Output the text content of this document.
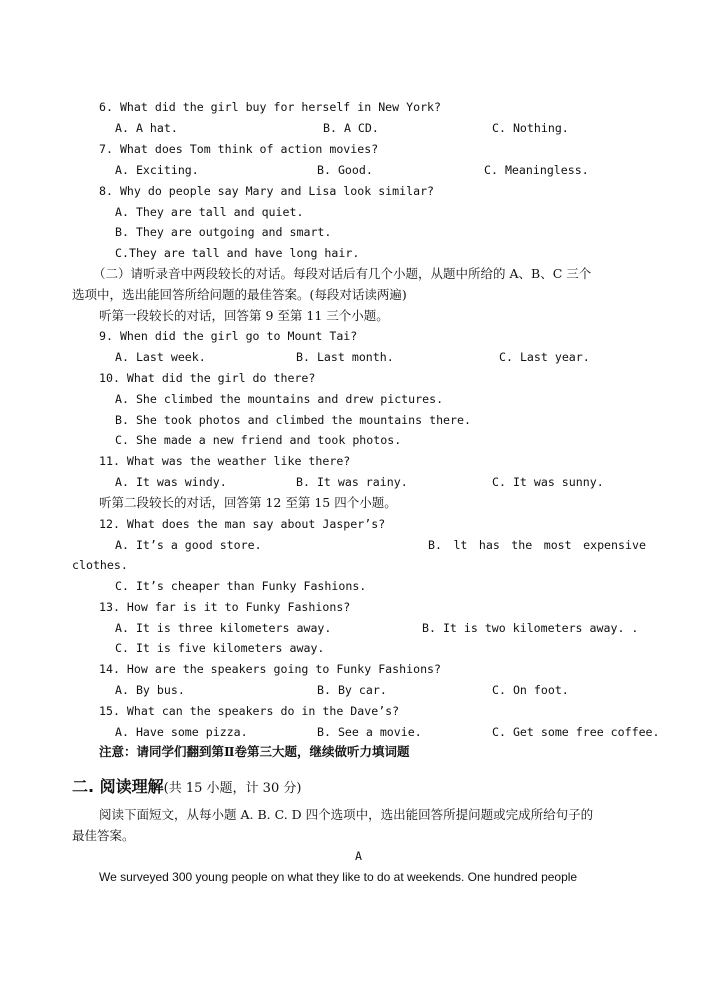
6. What did the girl buy for herself in New York?
A. A hat.	B. A CD.	C. Nothing.
7. What does Tom think of action movies?
A. Exciting.	B. Good.	C. Meaningless.
8. Why do people say Mary and Lisa look similar?
A. They are tall and quiet.
B. They are outgoing and smart.
C.They are tall and have long hair.
（二）请听录音中两段较长的对话。每段对话后有几个小题，从题中所给的 A、B、C 三个
选项中，选出能回答所给问题的最佳答案。(每段对话读两遍)
听第一段较长的对话，回答第 9 至第 11 三个小题。
9. When did the girl go to Mount Tai?
A. Last week.	B. Last month.	C. Last year.
10. What did the girl do there?
A. She climbed the mountains and drew pictures.
B. She took photos and climbed the mountains there.
C. She made a new friend and took photos.
11. What was the weather like there?
A. It was windy.	B. It was rainy.	C. It was sunny.
听第二段较长的对话，回答第 12 至第 15 四个小题。
12. What does the man say about Jasper’s?
A. It’s a good store.	B. lt has the most expensive
clothes.
C. It’s cheaper than Funky Fashions.
13. How far is it to Funky Fashions?
A. It is three kilometers away.	B. It is two kilometers away. .
C. It is five kilometers away.
14. How are the speakers going to Funky Fashions?
A. By bus.	B. By car.	C. On foot.
15. What can the speakers do in the Dave’s?
A. Have some pizza.	B. See a movie.	C. Get some free coffee.
注意：请同学们翻到第Ⅱ卷第三大题，继续做听力填词题
二. 阅读理解(共 15 小题，计 30 分)
阅读下面短文，从每小题 A. B. C. D 四个选项中，选出能回答所提问题或完成所给句子的
最佳答案。
A
We surveyed 300 young people on what they like to do at weekends. One hundred people
